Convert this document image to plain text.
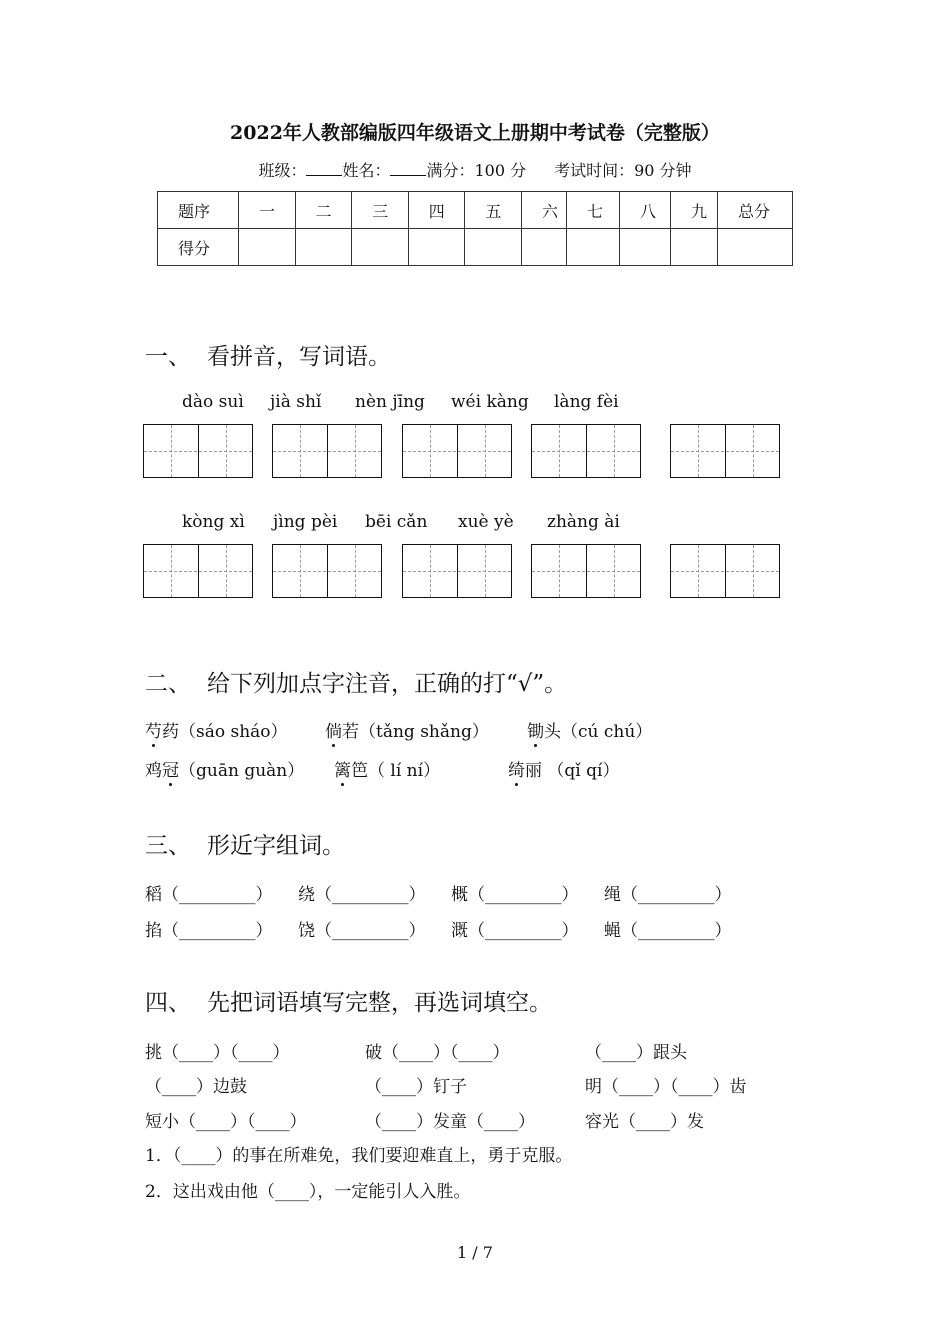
2022年人教部编版四年级语文上册期中考试卷（完整版）
班级： 姓名： 满分：100 分 考试时间：90 分钟
题序	一	二	三	四	五	六	七	八	九	总分
得分										
一、 看拼音，写词语。
dào suì jià shǐ nèn jīng wéi kàng làng fèi
kòng xì jìng pèi bēi cǎn xuè yè zhàng ài
二、 给下列加点字注音，正确的打“√”。
芍药（sáo sháo） 倘若（tǎng shǎng） 锄头（cú chú）
鸡冠（guān guàn） 篱笆（ lí ní）	绮丽 （qǐ qí）
三、 形近字组词。
稻（_________） 绕（_________） 概（_________） 绳（_________）
掐（_________） 饶（_________） 溉（_________） 蝇（_________）
四、 先把词语填写完整，再选词填空。
挑（____）（____）	破（____）（____）	（____）跟头
（____）边鼓	（____）钉子	明（____）（____）齿
短小（____）（____）	（____）发童（____）	容光（____）发
1．（____）的事在所难免，我们要迎难直上，勇于克服。
2．这出戏由他（____），一定能引人入胜。
1 / 7
